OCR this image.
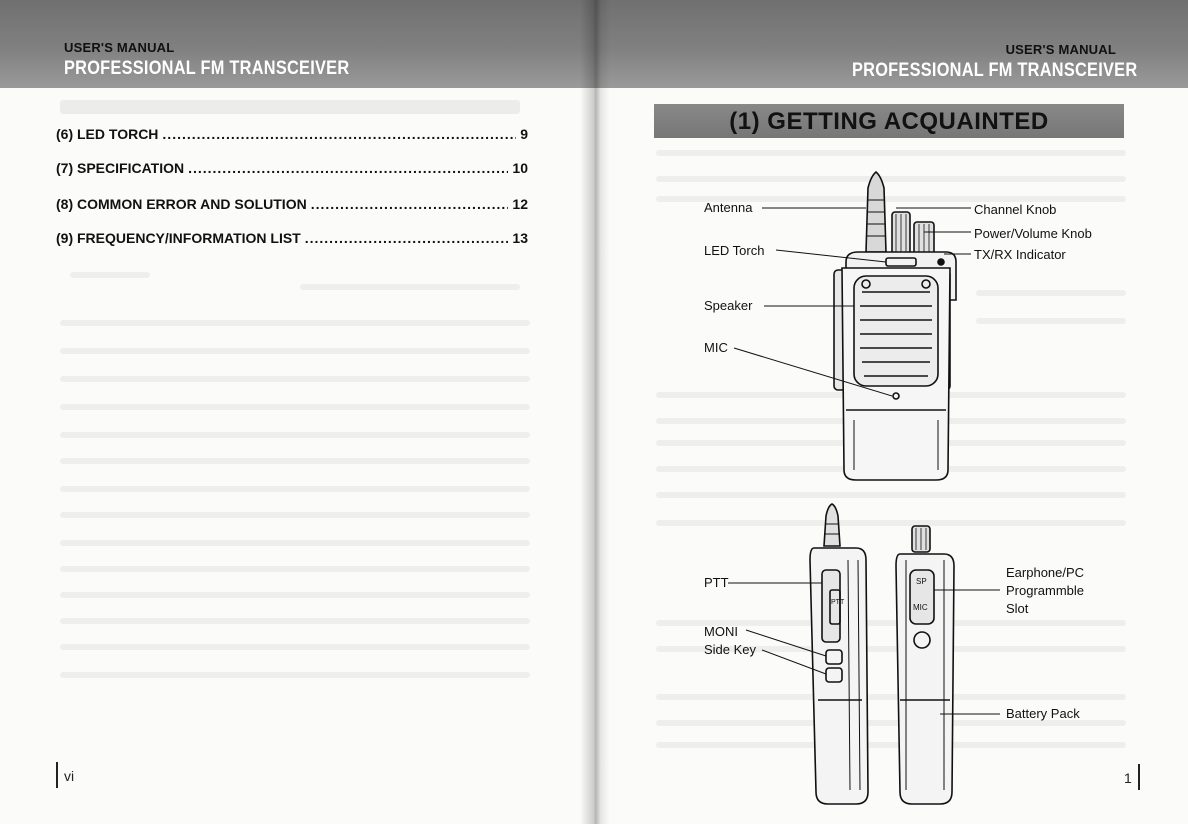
USER'S MANUAL
PROFESSIONAL FM TRANSCEIVER
(6) LED TORCH .....	9
(7) SPECIFICATION .....	10
(8) COMMON ERROR AND SOLUTION .....	12
(9) FREQUENCY/INFORMATION LIST .....	13
vi
USER'S MANUAL
PROFESSIONAL FM TRANSCEIVER
(1) GETTING ACQUAINTED
PTT
SP
MIC
Antenna
LED Torch
Speaker
MIC
Channel Knob
Power/Volume Knob
TX/RX Indicator
PTT
MONI
Side Key
Earphone/PC
Programmble
Slot
Battery Pack
1
